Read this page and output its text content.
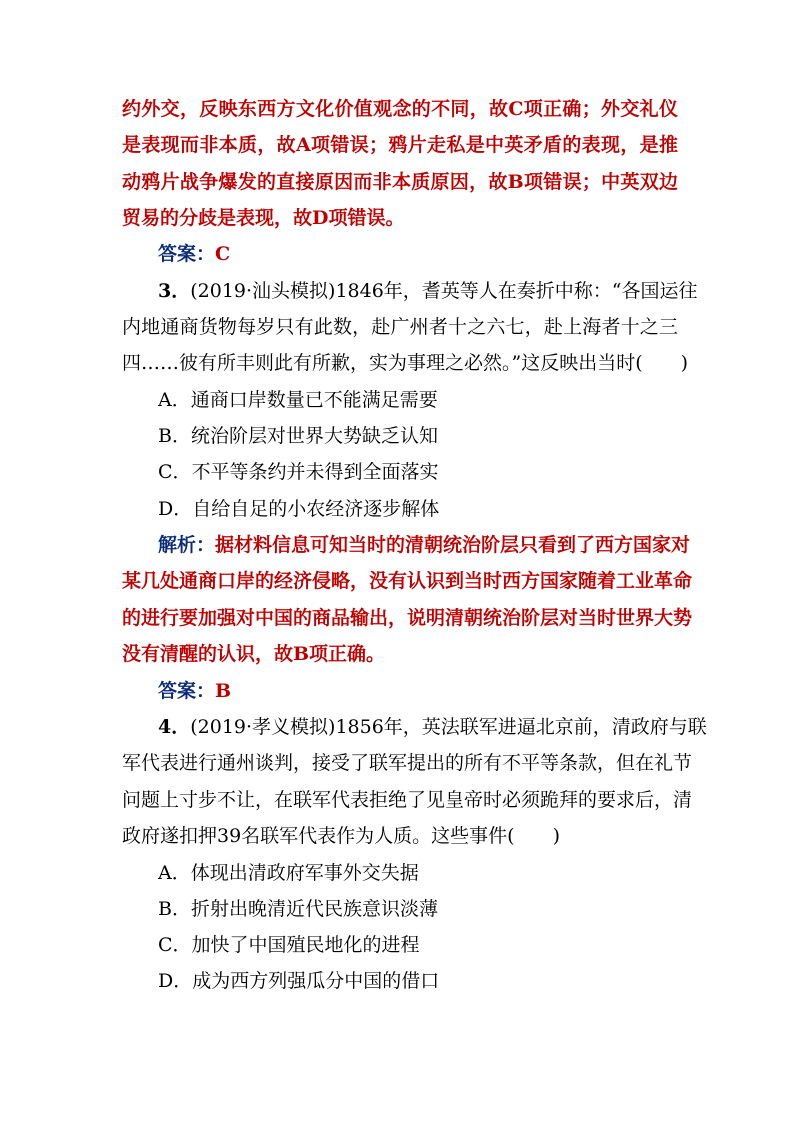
约外交，反映东西方文化价值观念的不同，故C项正确；外交礼仪
是表现而非本质，故A项错误；鸦片走私是中英矛盾的表现，是推
动鸦片战争爆发的直接原因而非本质原因，故B项错误；中英双边
贸易的分歧是表现，故D项错误。
答案：C
3．(2019·汕头模拟)1846年，耆英等人在奏折中称：“各国运往
内地通商货物每岁只有此数，赴广州者十之六七，赴上海者十之三
四……彼有所丰则此有所歉，实为事理之必然。”这反映出当时(　　)
A．通商口岸数量已不能满足需要
B．统治阶层对世界大势缺乏认知
C．不平等条约并未得到全面落实
D．自给自足的小农经济逐步解体
解析：据材料信息可知当时的清朝统治阶层只看到了西方国家对
某几处通商口岸的经济侵略，没有认识到当时西方国家随着工业革命
的进行要加强对中国的商品输出，说明清朝统治阶层对当时世界大势
没有清醒的认识，故B项正确。
答案：B
4．(2019·孝义模拟)1856年，英法联军进逼北京前，清政府与联
军代表进行通州谈判，接受了联军提出的所有不平等条款，但在礼节
问题上寸步不让，在联军代表拒绝了见皇帝时必须跪拜的要求后，清
政府遂扣押39名联军代表作为人质。这些事件(　　)
A．体现出清政府军事外交失据
B．折射出晚清近代民族意识淡薄
C．加快了中国殖民地化的进程
D．成为西方列强瓜分中国的借口
